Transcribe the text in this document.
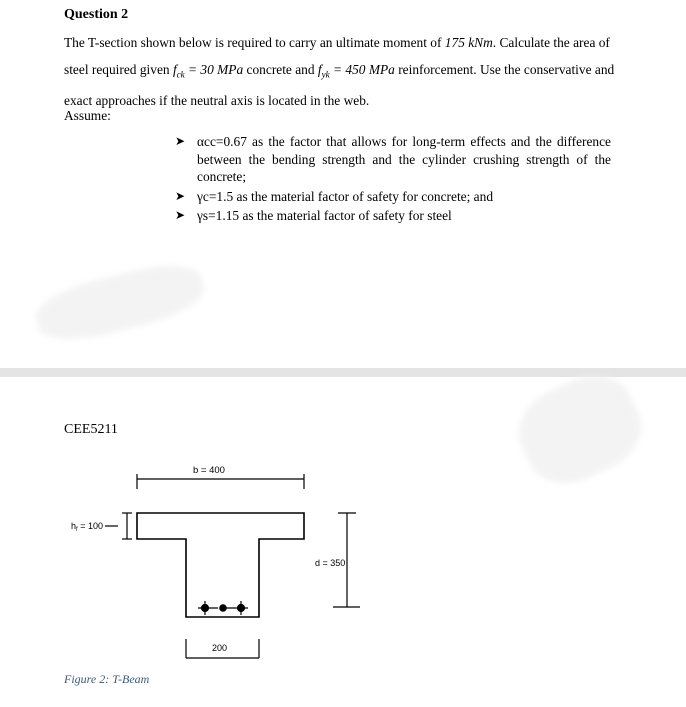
Question 2
The T-section shown below is required to carry an ultimate moment of 175 kNm. Calculate the area of steel required given $f_{ck} = 30$ MPa concrete and $f_{yk} = 450$ MPa reinforcement. Use the conservative and exact approaches if the neutral axis is located in the web.
Assume:
➤ αcc=0.67 as the factor that allows for long-term effects and the difference between the bending strength and the cylinder crushing strength of the concrete;
➤ γc=1.5 as the material factor of safety for concrete; and
➤ γs=1.15 as the material factor of safety for steel
CEE5211
b = 400
$h_f = 100$
d = 350
200
Figure 2: T-Beam
